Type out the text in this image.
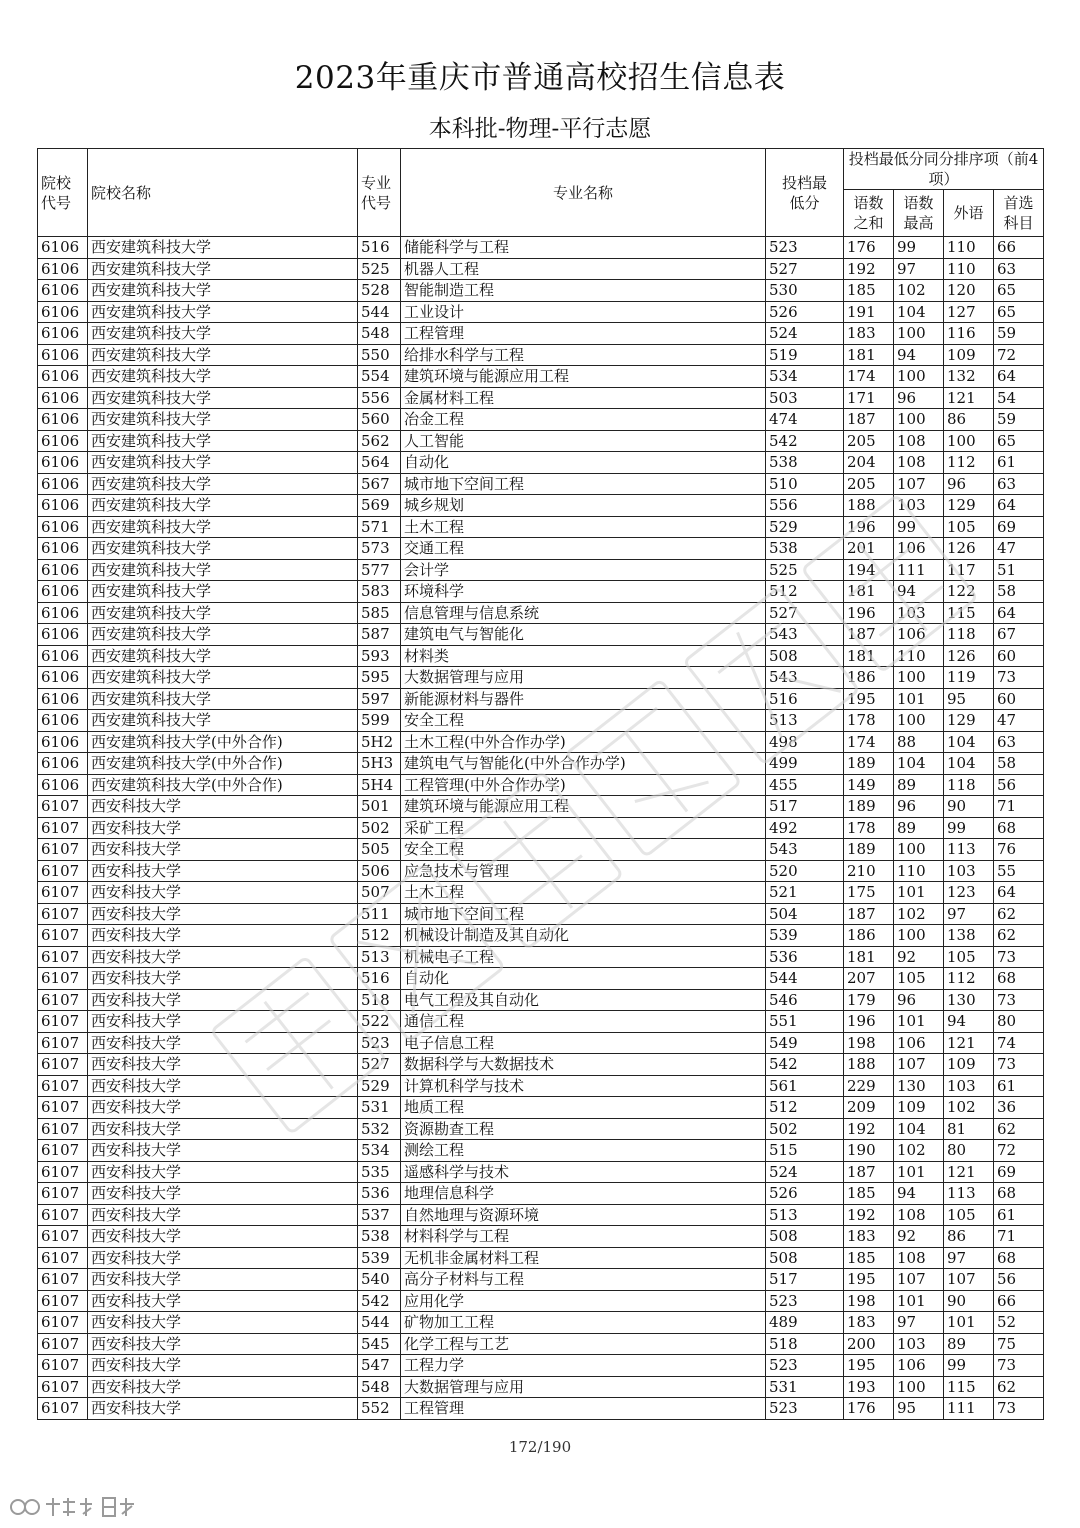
2023年重庆市普通高校招生信息表
本科批-物理-平行志愿
院校代号	院校名称	专业代号	专业名称	投档最低分	投档最低分同分排序项（前4项）			

					语数之和	语数最高	外语	首选科目

6106	西安建筑科技大学	516	储能科学与工程	523	176	99	110	66
6106	西安建筑科技大学	525	机器人工程	527	192	97	110	63
6106	西安建筑科技大学	528	智能制造工程	530	185	102	120	65
6106	西安建筑科技大学	544	工业设计	526	191	104	127	65
6106	西安建筑科技大学	548	工程管理	524	183	100	116	59
6106	西安建筑科技大学	550	给排水科学与工程	519	181	94	109	72
6106	西安建筑科技大学	554	建筑环境与能源应用工程	534	174	100	132	64
6106	西安建筑科技大学	556	金属材料工程	503	171	96	121	54
6106	西安建筑科技大学	560	冶金工程	474	187	100	86	59
6106	西安建筑科技大学	562	人工智能	542	205	108	100	65
6106	西安建筑科技大学	564	自动化	538	204	108	112	61
6106	西安建筑科技大学	567	城市地下空间工程	510	205	107	96	63
6106	西安建筑科技大学	569	城乡规划	556	188	103	129	64
6106	西安建筑科技大学	571	土木工程	529	196	99	105	69
6106	西安建筑科技大学	573	交通工程	538	201	106	126	47
6106	西安建筑科技大学	577	会计学	525	194	111	117	51
6106	西安建筑科技大学	583	环境科学	512	181	94	122	58
6106	西安建筑科技大学	585	信息管理与信息系统	527	196	103	115	64
6106	西安建筑科技大学	587	建筑电气与智能化	543	187	106	118	67
6106	西安建筑科技大学	593	材料类	508	181	110	126	60
6106	西安建筑科技大学	595	大数据管理与应用	543	186	100	119	73
6106	西安建筑科技大学	597	新能源材料与器件	516	195	101	95	60
6106	西安建筑科技大学	599	安全工程	513	178	100	129	47
6106	西安建筑科技大学(中外合作)	5H2	土木工程(中外合作办学)	498	174	88	104	63
6106	西安建筑科技大学(中外合作)	5H3	建筑电气与智能化(中外合作办学)	499	189	104	104	58
6106	西安建筑科技大学(中外合作)	5H4	工程管理(中外合作办学)	455	149	89	118	56
6107	西安科技大学	501	建筑环境与能源应用工程	517	189	96	90	71
6107	西安科技大学	502	采矿工程	492	178	89	99	68
6107	西安科技大学	505	安全工程	543	189	100	113	76
6107	西安科技大学	506	应急技术与管理	520	210	110	103	55
6107	西安科技大学	507	土木工程	521	175	101	123	64
6107	西安科技大学	511	城市地下空间工程	504	187	102	97	62
6107	西安科技大学	512	机械设计制造及其自动化	539	186	100	138	62
6107	西安科技大学	513	机械电子工程	536	181	92	105	73
6107	西安科技大学	516	自动化	544	207	105	112	68
6107	西安科技大学	518	电气工程及其自动化	546	179	96	130	73
6107	西安科技大学	522	通信工程	551	196	101	94	80
6107	西安科技大学	523	电子信息工程	549	198	106	121	74
6107	西安科技大学	527	数据科学与大数据技术	542	188	107	109	73
6107	西安科技大学	529	计算机科学与技术	561	229	130	103	61
6107	西安科技大学	531	地质工程	512	209	109	102	36
6107	西安科技大学	532	资源勘查工程	502	192	104	81	62
6107	西安科技大学	534	测绘工程	515	190	102	80	72
6107	西安科技大学	535	遥感科学与技术	524	187	101	121	69
6107	西安科技大学	536	地理信息科学	526	185	94	113	68
6107	西安科技大学	537	自然地理与资源环境	513	192	108	105	61
6107	西安科技大学	538	材料科学与工程	508	183	92	86	71
6107	西安科技大学	539	无机非金属材料工程	508	185	108	97	68
6107	西安科技大学	540	高分子材料与工程	517	195	107	107	56
6107	西安科技大学	542	应用化学	523	198	101	90	66
6107	西安科技大学	544	矿物加工工程	489	183	97	101	52
6107	西安科技大学	545	化学工程与工艺	518	200	103	89	75
6107	西安科技大学	547	工程力学	523	195	106	99	73
6107	西安科技大学	548	大数据管理与应用	531	193	100	115	62
6107	西安科技大学	552	工程管理	523	176	95	111	73
172/190
